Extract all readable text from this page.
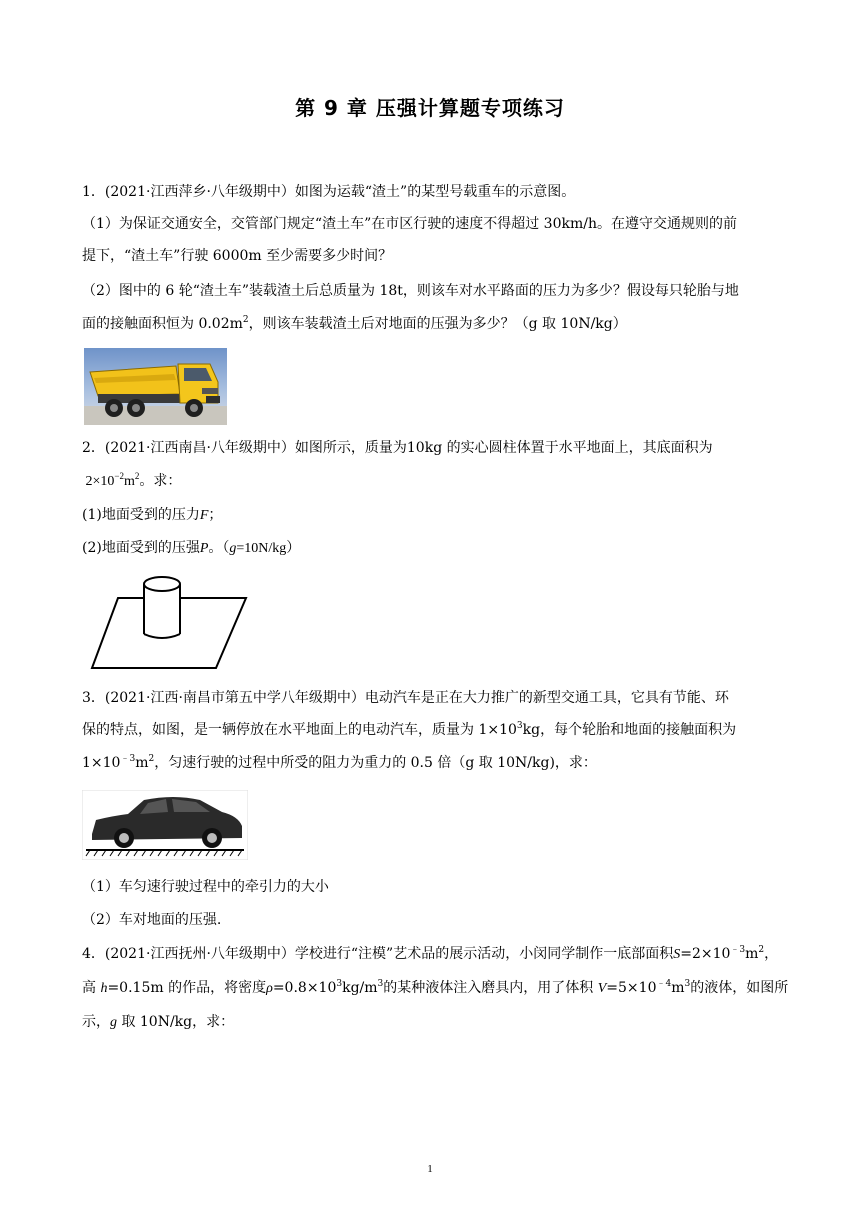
第 9 章 压强计算题专项练习
1．(2021·江西萍乡·八年级期中）如图为运载“渣土”的某型号载重车的示意图。
（1）为保证交通安全，交管部门规定“渣土车”在市区行驶的速度不得超过 30km/h。在遵守交通规则的前
提下，“渣土车”行驶 6000m 至少需要多少时间？
（2）图中的 6 轮“渣土车”装载渣土后总质量为 18t，则该车对水平路面的压力为多少？假设每只轮胎与地
面的接触面积恒为 $0.02m^2$，则该车装载渣土后对地面的压强为多少？（g 取 10N/kg）
2．(2021·江西南昌·八年级期中）如图所示，质量为10kg 的实心圆柱体置于水平地面上，其底面积为
$2\times 10^{-2}m^2$。求：
(1)地面受到的压力F；
(2)地面受到的压强P。（g=10N/kg）
3．(2021·江西·南昌市第五中学八年级期中）电动汽车是正在大力推广的新型交通工具，它具有节能、环
保的特点，如图，是一辆停放在水平地面上的电动汽车，质量为 $1\times 10^3kg$，每个轮胎和地面的接触面积为
$1\times 10^{﹣3}m^2$，匀速行驶的过程中所受的阻力为重力的 0.5 倍（g 取 10N/kg)，求：
（1）车匀速行驶过程中的牵引力的大小
（2）车对地面的压强.
4．(2021·江西抚州·八年级期中）学校进行“注模”艺术品的展示活动，小闵同学制作一底部面积$S=2\times 10^{﹣3}m^2$，
高 h=0.15m 的作品，将密度$\rho=0.8\times 10^3kg/m^3$的某种液体注入磨具内，用了体积 $V=5\times 10^{﹣4}m^3$的液体，如图所
示，g 取 10N/kg，求：
1
